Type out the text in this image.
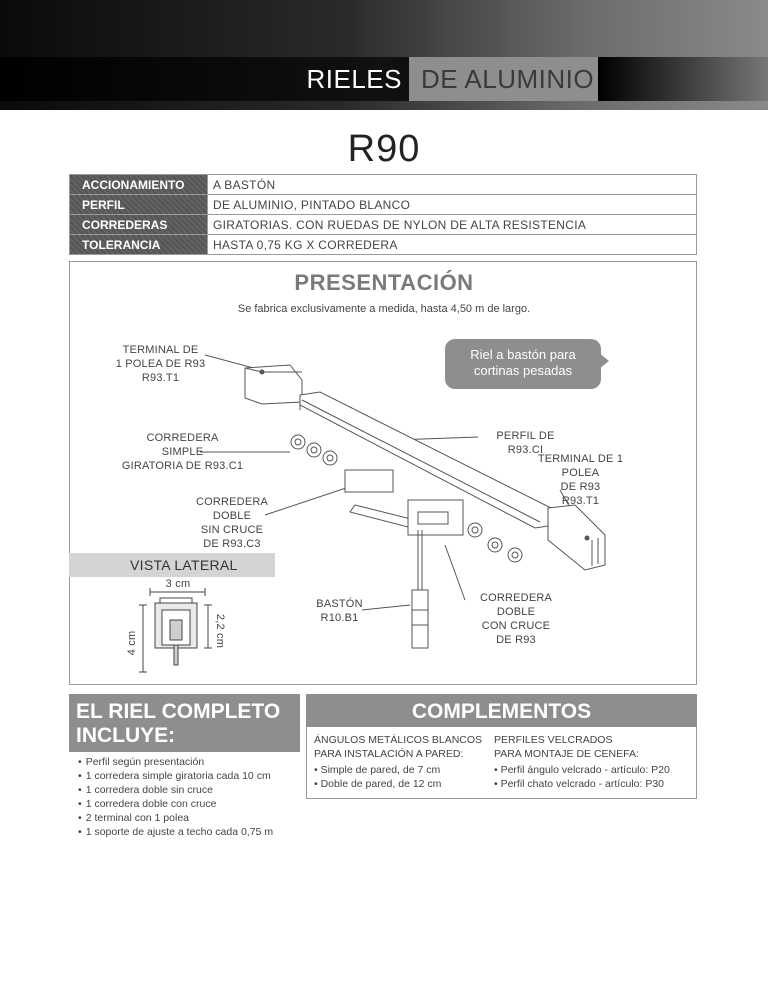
RIELES MANUALES
DE ALUMINIO
R90
ACCIONAMIENTO	A BASTÓN
PERFIL	DE ALUMINIO, PINTADO BLANCO
CORREDERAS	GIRATORIAS. CON RUEDAS DE NYLON DE ALTA RESISTENCIA
TOLERANCIA	HASTA 0,75 KG X CORREDERA
PRESENTACIÓN
Se fabrica exclusivamente a medida, hasta 4,50 m de largo.
TERMINAL DE
1 POLEA DE R93
R93.T1
CORREDERA
SIMPLE
GIRATORIA DE R93.C1
CORREDERA DOBLE
SIN CRUCE
DE R93.C3
PERFIL DE R93.CI
TERMINAL DE 1 POLEA
DE R93
R93.T1
BASTÓN
R10.B1
CORREDERA DOBLE
CON CRUCE
DE R93
Riel a bastón para
cortinas pesadas
VISTA LATERAL
3 cm
4 cm	2,2 cm
EL RIEL COMPLETO
INCLUYE:
• Perfil según presentación
• 1 corredera simple giratoria cada 10 cm
• 1 corredera doble sin cruce
• 1 corredera doble con cruce
• 2 terminal con 1 polea
• 1 soporte de ajuste a techo cada 0,75 m
COMPLEMENTOS
ÁNGULOS METÁLICOS BLANCOS
PARA INSTALACIÓN A PARED:
• Simple de pared, de 7 cm
• Doble de pared, de 12 cm
PERFILES VELCRADOS
PARA MONTAJE DE CENEFA:
• Perfil ángulo velcrado - artículo: P20
• Perfil chato velcrado - artículo: P30
